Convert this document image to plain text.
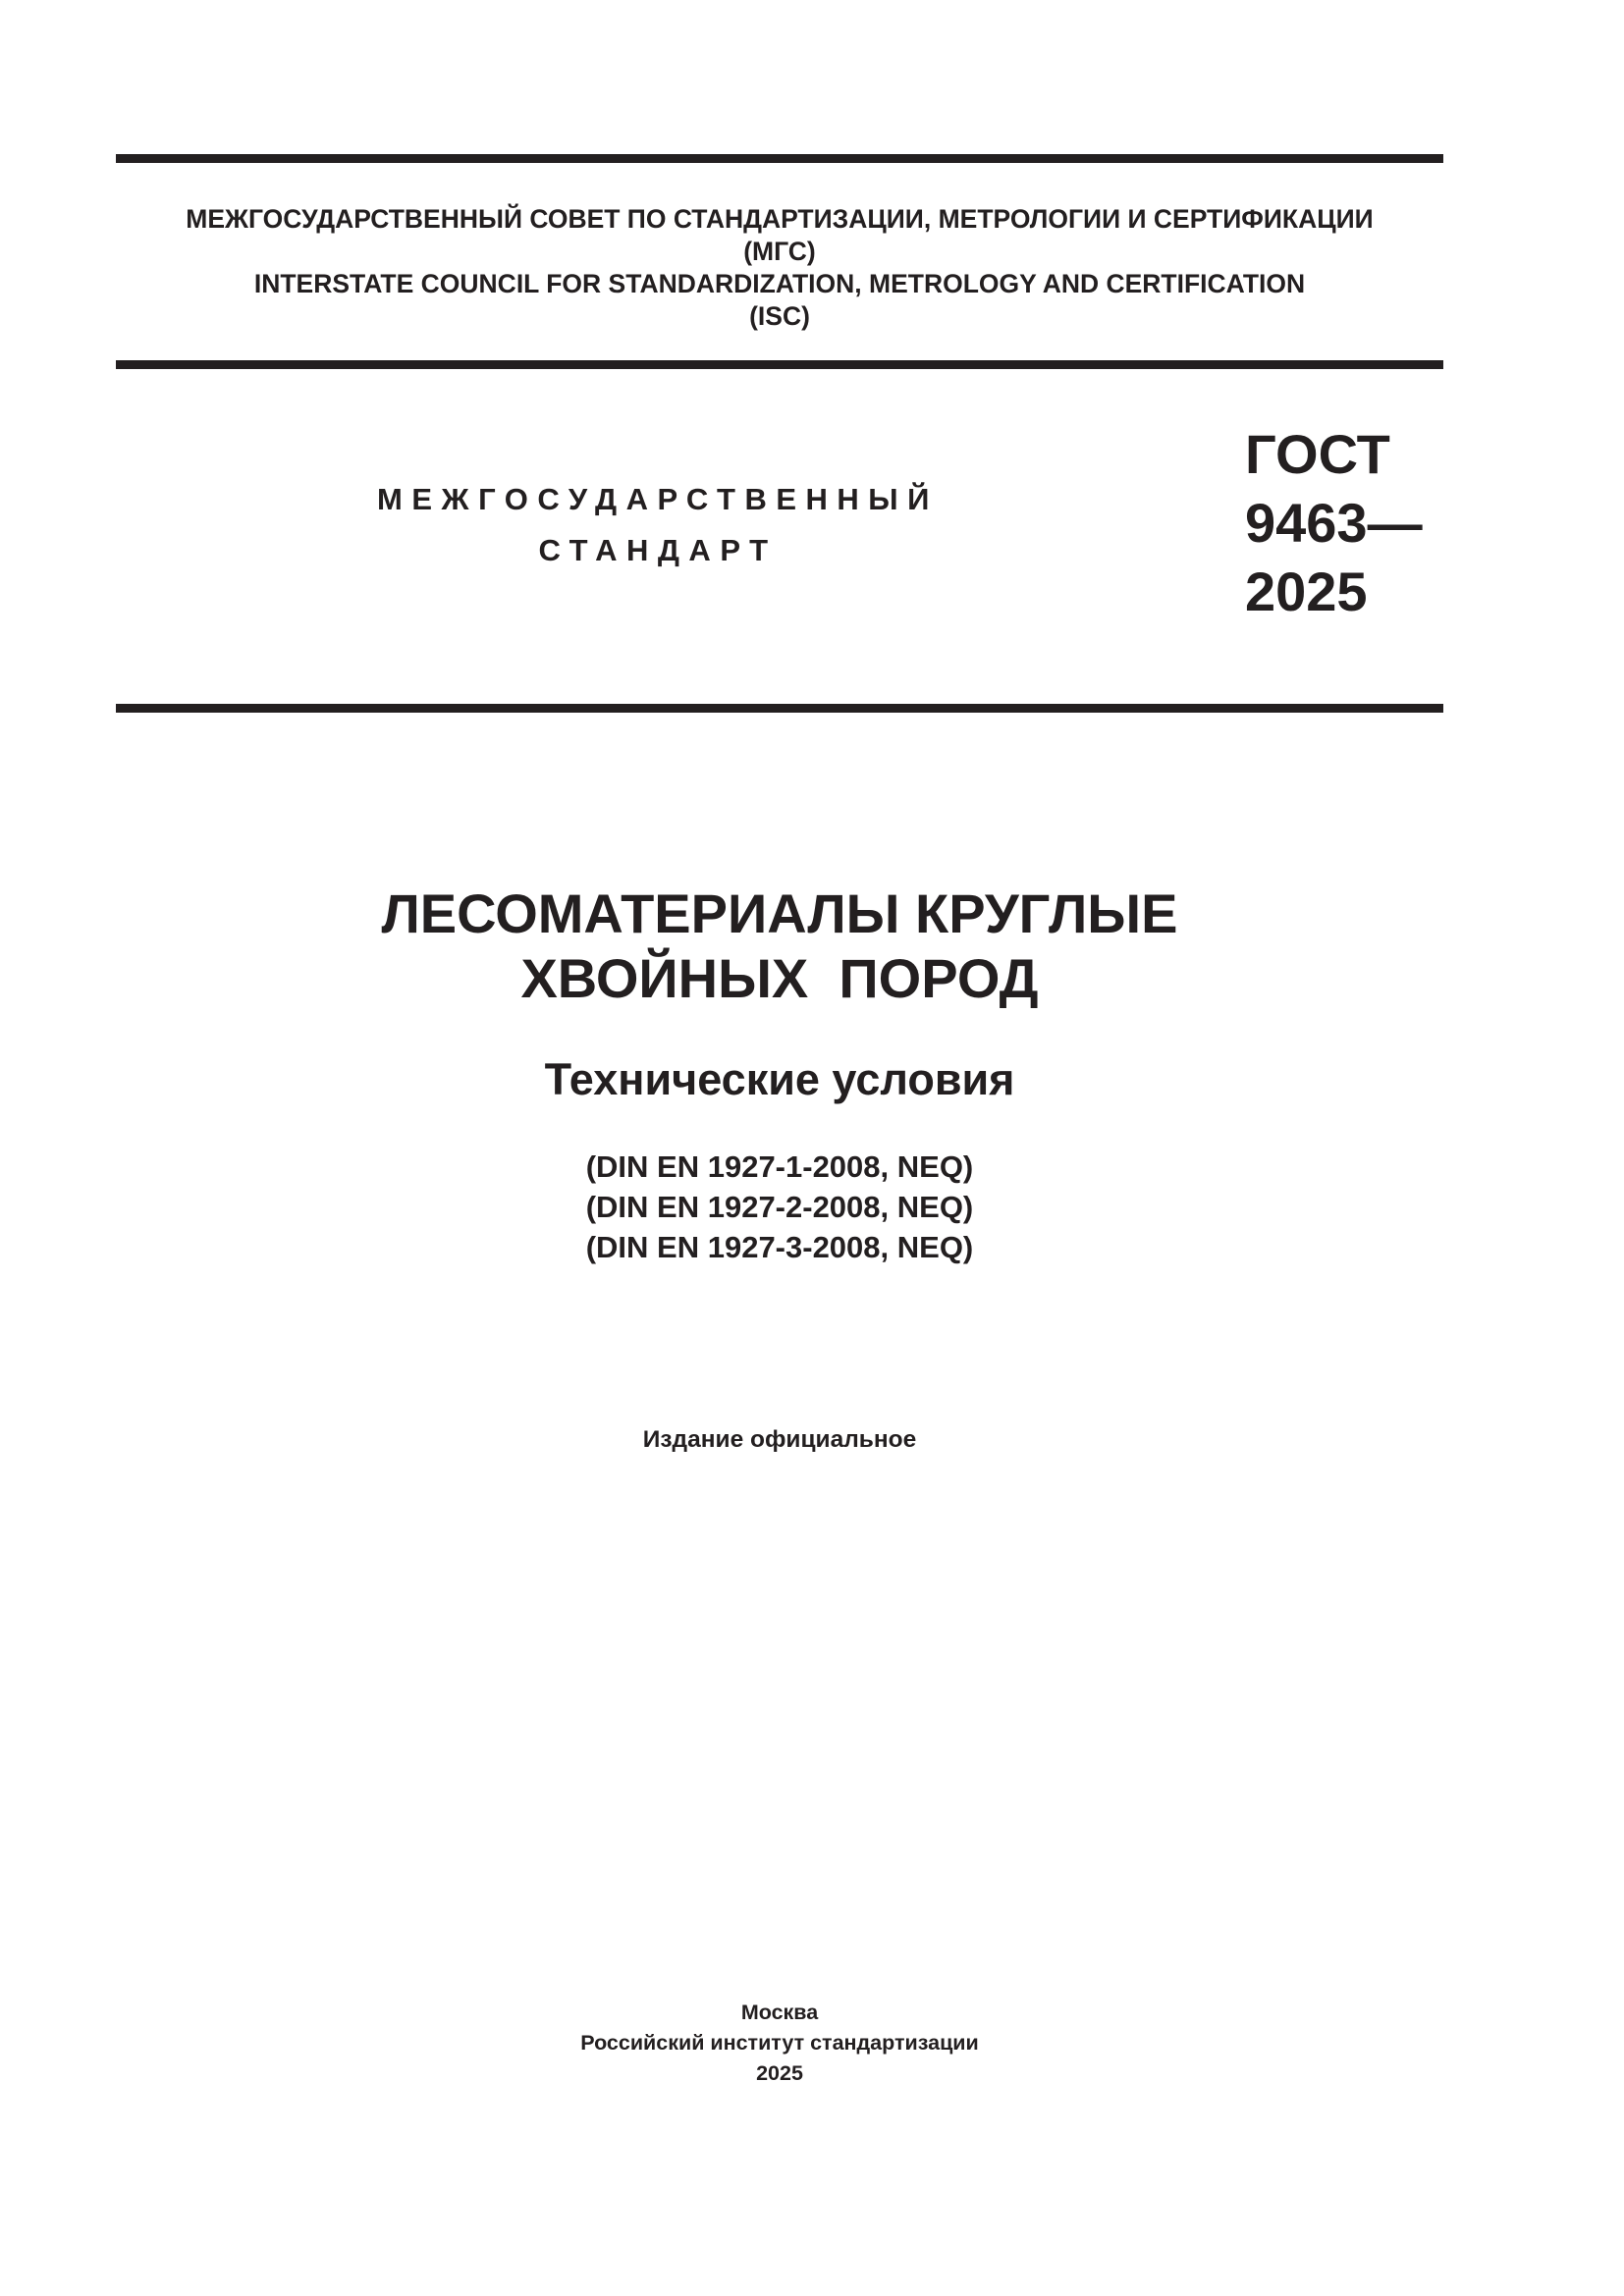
МЕЖГОСУДАРСТВЕННЫЙ СОВЕТ ПО СТАНДАРТИЗАЦИИ, МЕТРОЛОГИИ И СЕРТИФИКАЦИИ
(МГС)
INTERSTATE COUNCIL FOR STANDARDIZATION, METROLOGY AND CERTIFICATION
(ISC)
МЕЖГОСУДАРСТВЕННЫЙ
СТАНДАРТ
ГОСТ
9463—
2025
ЛЕСОМАТЕРИАЛЫ КРУГЛЫЕ
ХВОЙНЫХ  ПОРОД
Технические условия
(DIN EN 1927-1-2008, NEQ)
(DIN EN 1927-2-2008, NEQ)
(DIN EN 1927-3-2008, NEQ)
Издание официальное
Москва
Российский институт стандартизации
2025
